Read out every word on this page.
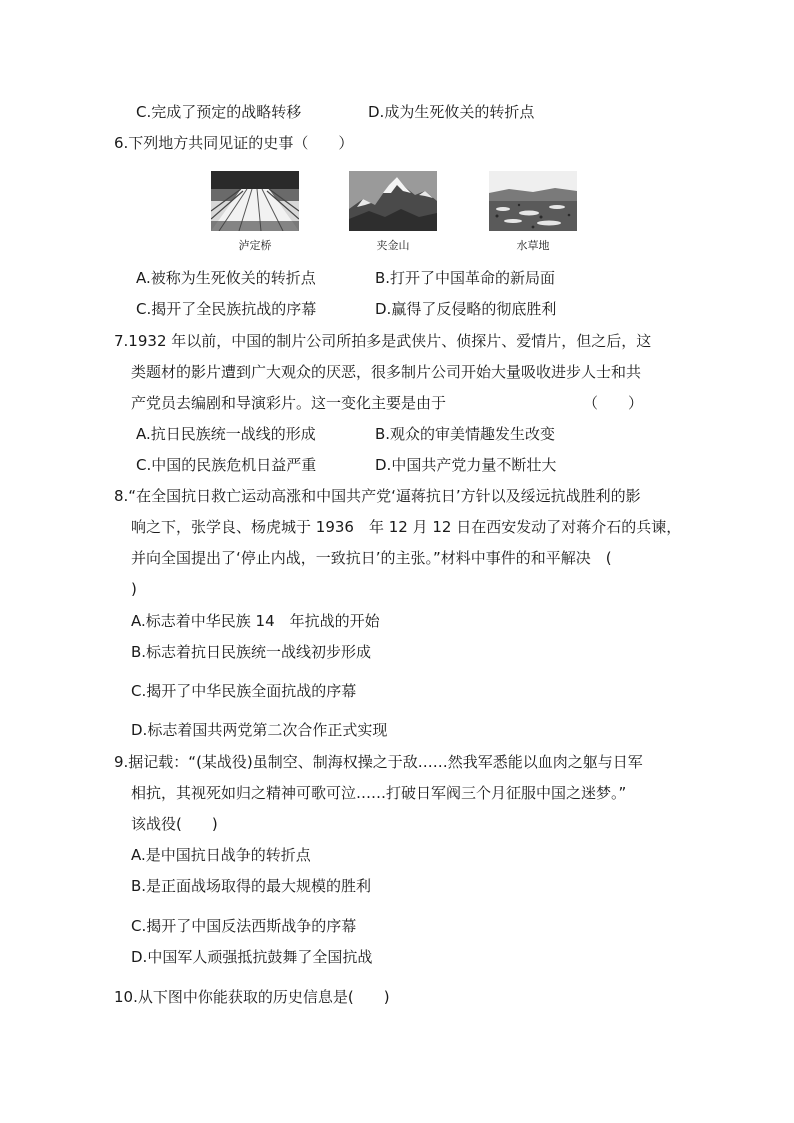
C.完成了预定的战略转移	D.成为生死攸关的转折点
6.下列地方共同见证的史事（　　）
泸定桥	夹金山	水草地
A.被称为生死攸关的转折点	B.打开了中国革命的新局面
C.揭开了全民族抗战的序幕	D.赢得了反侵略的彻底胜利
7.1932 年以前，中国的制片公司所拍多是武侠片、侦探片、爱情片，但之后，这
类题材的影片遭到广大观众的厌恶，很多制片公司开始大量吸收进步人士和共
产党员去编剧和导演彩片。这一变化主要是由于	（　　）
A.抗日民族统一战线的形成	B.观众的审美情趣发生改变
C.中国的民族危机日益严重	D.中国共产党力量不断壮大
8.“在全国抗日救亡运动高涨和中国共产党‘逼蒋抗日’方针以及绥远抗战胜利的影
响之下，张学良、杨虎城于 1936　年 12 月 12 日在西安发动了对蒋介石的兵谏，
并向全国提出了‘停止内战，一致抗日’的主张。”材料中事件的和平解决　(
)
A.标志着中华民族 14　年抗战的开始
B.标志着抗日民族统一战线初步形成
C.揭开了中华民族全面抗战的序幕
D.标志着国共两党第二次合作正式实现
9.据记载：“(某战役)虽制空、制海权操之于敌……然我军悉能以血肉之躯与日军
相抗，其视死如归之精神可歌可泣……打破日军阀三个月征服中国之迷梦。”
该战役(　　)
A.是中国抗日战争的转折点
B.是正面战场取得的最大规模的胜利
C.揭开了中国反法西斯战争的序幕
D.中国军人顽强抵抗鼓舞了全国抗战
10.从下图中你能获取的历史信息是(　　)
